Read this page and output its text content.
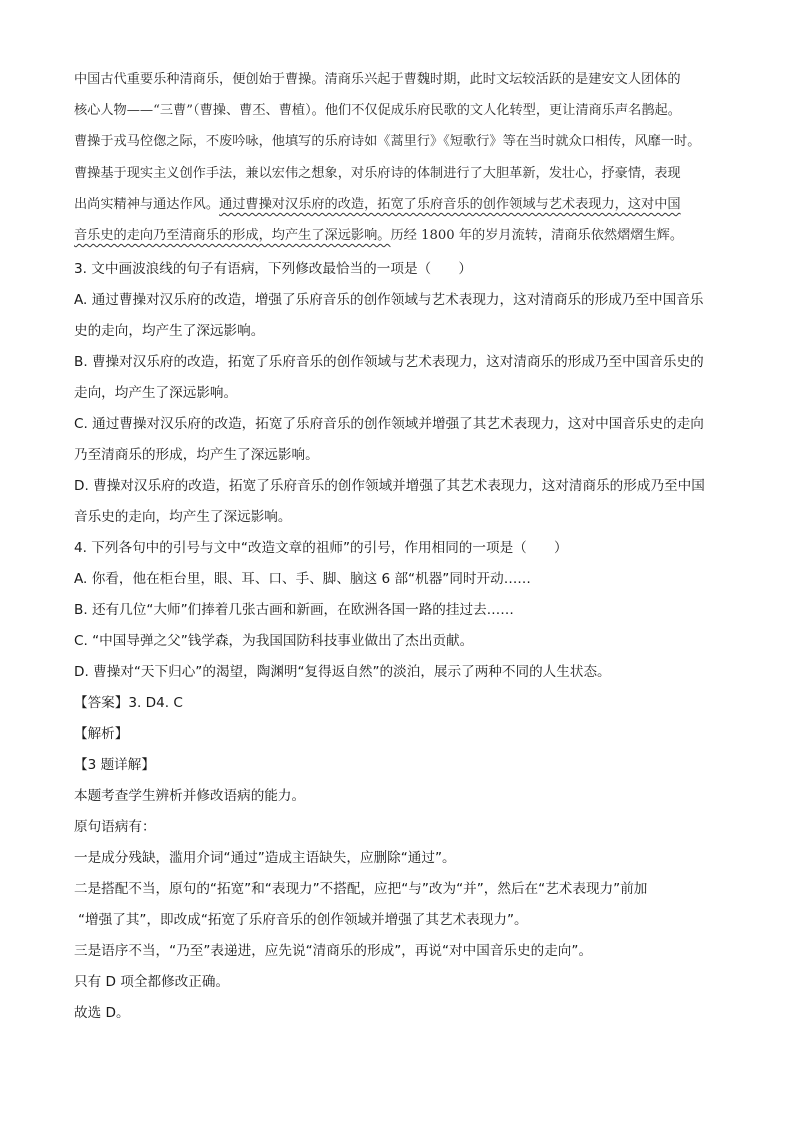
中国古代重要乐种清商乐，便创始于曹操。清商乐兴起于曹魏时期，此时文坛较活跃的是建安文人团体的
核心人物——“三曹”（曹操、曹丕、曹植）。他们不仅促成乐府民歌的文人化转型，更让清商乐声名鹊起。
曹操于戎马倥偬之际，不废吟咏，他填写的乐府诗如《蒿里行》《短歌行》等在当时就众口相传，风靡一时。
曹操基于现实主义创作手法，兼以宏伟之想象，对乐府诗的体制进行了大胆革新，发壮心，抒豪情，表现
出尚实精神与通达作风。通过曹操对汉乐府的改造，拓宽了乐府音乐的创作领域与艺术表现力，这对中国
音乐史的走向乃至清商乐的形成，均产生了深远影响。历经 1800 年的岁月流转，清商乐依然熠熠生辉。
3. 文中画波浪线的句子有语病，下列修改最恰当的一项是（　　）
A. 通过曹操对汉乐府的改造，增强了乐府音乐的创作领域与艺术表现力，这对清商乐的形成乃至中国音乐
史的走向，均产生了深远影响。
B. 曹操对汉乐府的改造，拓宽了乐府音乐的创作领域与艺术表现力，这对清商乐的形成乃至中国音乐史的
走向，均产生了深远影响。
C. 通过曹操对汉乐府的改造，拓宽了乐府音乐的创作领域并增强了其艺术表现力，这对中国音乐史的走向
乃至清商乐的形成，均产生了深远影响。
D. 曹操对汉乐府的改造，拓宽了乐府音乐的创作领域并增强了其艺术表现力，这对清商乐的形成乃至中国
音乐史的走向，均产生了深远影响。
4. 下列各句中的引号与文中“改造文章的祖师”的引号，作用相同的一项是（　　）
A. 你看，他在柜台里，眼、耳、口、手、脚、脑这 6 部“机器”同时开动……
B. 还有几位“大师”们捧着几张古画和新画，在欧洲各国一路的挂过去……
C. “中国导弹之父”钱学森，为我国国防科技事业做出了杰出贡献。
D. 曹操对“天下归心”的渴望，陶渊明“复得返自然”的淡泊，展示了两种不同的人生状态。
【答案】3. D4. C
【解析】
【3 题详解】
本题考查学生辨析并修改语病的能力。
原句语病有：
一是成分残缺，滥用介词“通过”造成主语缺失，应删除“通过”。
二是搭配不当，原句的“拓宽”和“表现力”不搭配，应把“与”改为“并”，然后在“艺术表现力”前加
“增强了其”，即改成“拓宽了乐府音乐的创作领域并增强了其艺术表现力”。
三是语序不当，“乃至”表递进，应先说“清商乐的形成”，再说“对中国音乐史的走向”。
只有 D 项全都修改正确。
故选 D。
